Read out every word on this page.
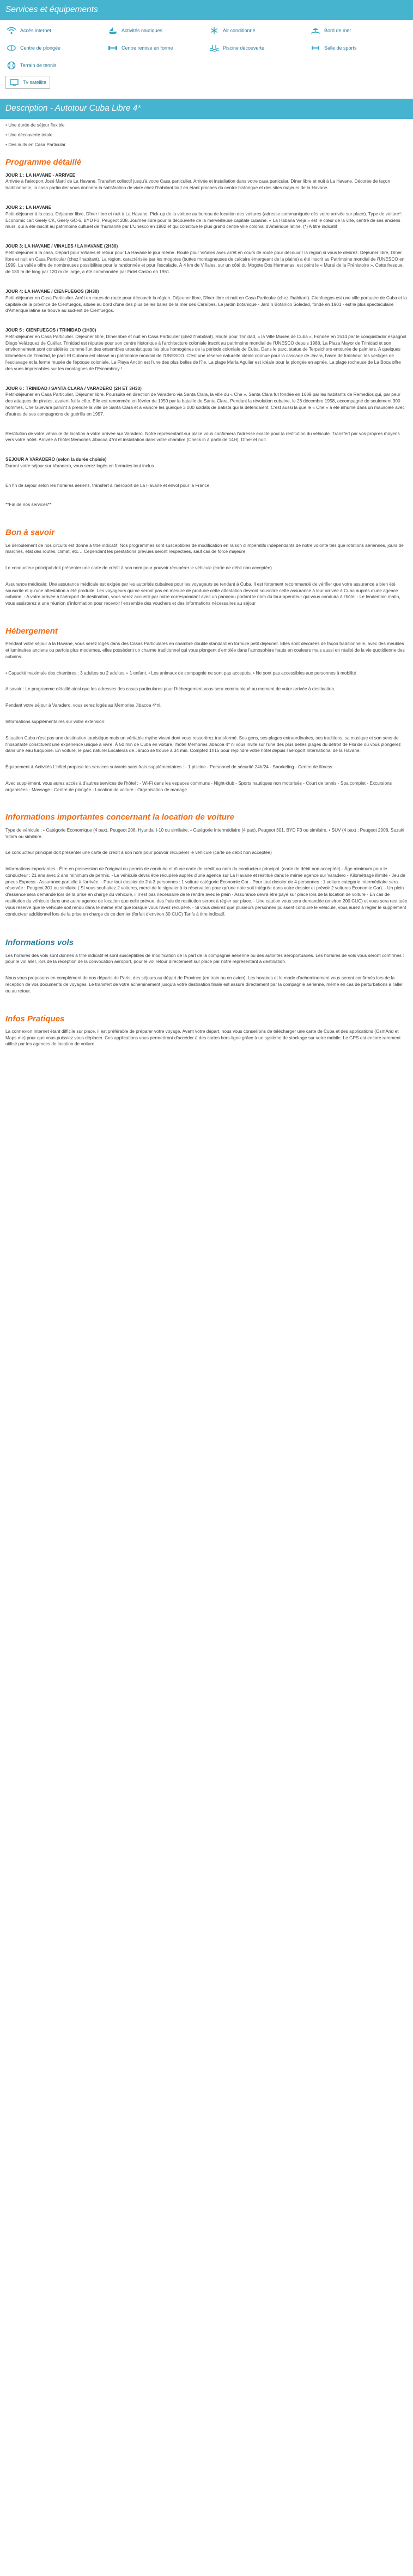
Services et équipements
Accès internet	Activités nautiques	Air conditionné	Bord de mer
Centre de plongée	Centre remise en forme	Piscine découverte	Salle de sports
Terrain de tennis
Tv satellite
Description - Autotour Cuba Libre 4*
• Une durée de séjour flexible
• Une découverte totale
• Des nuits en Casa Particular
Programme détaillé
JOUR 1 : LA HAVANE - ARRIVEE

Arrivée à l'aéroport José Martí de La Havane. Transfert collectif jusqu'à votre Casa particulier. Arrivée et installation dans votre casa particular. Dîner libre et nuit à La Havane. Décorée de façon traditionnelle, la casa particulier vous donnera la satisfaction de vivre chez l'habitant tout en étant proches du centre historique et des sites majeurs de la Havane.

JOUR 2 : LA HAVANE

Petit-déjeuner à la casa. Déjeuner libre, Dîner libre et nuit à La Havane. Pick-up de la voiture au bureau de location des voitures (adresse communiquée dès votre arrivée sur place). Type de voiture*: Economic car: Geely CK, Geely GC-6, BYD F3, Peugeot 208. Journée libre pour la découverte de la merveilleuse capitale cubaine. « La Habana Vieja » est le cœur de la ville, centré de ses anciens murs, qui a été inscrit au patrimoine culturel de l'humanité par L'Unesco en 1982 et qui constitue le plus grand centre ville colonial d'Amérique latine. (*) A titre indicatif

JOUR 3: LA HAVANE / VINALES / LA HAVANE (2H30)

Petit-déjeuner à la casa. Départ pour Viñales et retour pour La Havane le jour même. Route pour Viñales avec arrêt en cours de route pour découvrir la région si vous le désirez. Déjeuner libre, Dîner libre et nuit en Casa Particular (chez l'habitant). La région, caractérisée par les mogotes (buttes montagneuses de calcaire émergeant de la plaine) a été inscrit au Patrimoine mondial de l'UNESCO en 1999. La vallée offre de nombreuses possibilités pour la randonnée et pour l'escalade. À 4 km de Viñales, sur un côté du Mogote Dos Hermanas, est peint le « Mural de la Préhistoire ». Cette fresque, de 180 m de long par 120 m de large, a été commandée par Fidel Castro en 1961.

JOUR 4: LA HAVANE / CIENFUEGOS (3H30)

Petit-déjeuner en Casa Particulier. Arrêt en cours de route pour découvrir la région. Déjeuner libre, Dîner libre et nuit en Casa Particular (chez l'habitant). Cienfuegos est une ville portuaire de Cuba et la capitale de la province de Cienfuegos, située au bord d'une des plus belles baies de la mer des Caraïbes. Le jardin botanique - Jardín Botánico Soledad, fondé en 1901 - est le plus spectaculaire d'Amérique latine se trouve au sud-est de Cienfuegos.

JOUR 5 : CIENFUEGOS / TRINIDAD (1H30)

Petit-déjeuner en Casa Particulier. Déjeuner libre, Dîner libre et nuit en Casa Particulier (chez l'habitant). Route pour Trinidad, « la Ville Musée de Cuba », Fondée en 1514 par le conquistador espagnol Diego Velázquez de Cuéllar, Trinidad est réputée pour son centre historique à l'architecture coloniale inscrit au patrimoine mondial de l'UNESCO depuis 1988. La Plaza Mayor de Trinidad et son environnement sont considérés comme l'un des ensembles urbanistiques les plus homogènes de la période coloniale de Cuba. Dans le parc, statue de Terpsichore entourée de palmiers. A quelques kilomètres de Trinidad, le parc El Cubano est classé au patrimoine mondial de l'UNESCO. C'est une réserve naturelle idéale connue pour la cascade de Javira, havre de fraîcheur, les vestiges de l'esclavage et la ferme musée de l'époque coloniale. La Playa Ancón est l'une des plus belles de l'île. La plage María Aguilar est idéale pour la plongée en apnée. La plage rocheuse de La Boca offre des vues imprenables sur les montagnes de l'Escambray !

JOUR 6 : TRINIDAD / SANTA CLARA / VARADERO (2H ET 3H30)

Petit-déjeuner en Casa Particulier. Déjeuner libre. Poursuite en direction de Varadero via Santa Clara, la ville du « Che ». Santa Clara fut fondée en 1689 par les habitants de Remedios qui, par peur des attaques de pirates, avaient fui la côte. Elle est renommée en février de 1959 par la bataille de Santa Clara. Pendant la révolution cubaine, le 28 décembre 1958, accompagné de seulement 300 hommes, Che Guevara parvint à prendre la ville de Santa Clara et à vaincre les quelque 3 000 soldats de Batista qui la défendaient. C'est aussi là que le « Che » a été inhumé dans un mausolée avec d'autres de ses compagnons de guérilla en 1997.

Restitution de votre véhicule de location à votre arrivée sur Varadero. Notre représentant sur place vous confirmera l'adresse exacte pour la restitution du véhicule. Transfert par vos propres moyens vers votre hôtel. Arrivée à l'hôtel Memories Jibacoa 4*nl et installation dans votre chambre (Check in à partir de 14H). Dîner et nuit.

SEJOUR A VARADERO (selon la durée choisie)

Durant votre séjour sur Varadero, vous serez logés en formules tout inclus .

En fin de séjour selon les horaires aériens, transfert à l'aéroport de La Havane et envol pour la France.

**Fin de nos services**

Bon à savoir

Le déroulement de nos circuits est donné à titre indicatif. Nos programmes sont susceptibles de modification en raison d'impératifs indépendants de notre volonté tels que rotations aériennes, jours de marchés, état des routes, climat, etc… Cependant les prestations prévues seront respectées, sauf cas de force majeure.

Le conducteur principal doit présenter une carte de crédit à son nom pour pouvoir récupérer le véhicule (carte de débit non acceptée)

Assurance médicale: Une assurance médicale est exigée par les autorités cubaines pour les voyageurs se rendant à Cuba. Il est fortement recommandé de vérifier que votre assurance a bien été souscrite et qu'une attestation a été produite. Les voyageurs qui ne seront pas en mesure de produire cette attestation devront souscrire cette assurance à leur arrivée à Cuba auprès d'une agence cubaine. - A votre arrivée à l'aéroport de destination, vous serez accueilli par notre correspondant avec un panneau portant le nom du tour-opérateur qui vous conduira à l'hôtel - Le lendemain matin, vous assisterez à une réunion d'information pour recevoir l'ensemble des vouchers et des informations nécessaires au séjour

Hébergement

Pendant votre séjour à la Havane, vous serez logés dans des Casas Particulares en chambre double standard en formule petit déjeuner. Elles sont décorées de façon traditionnelle, avec des meubles et luminaires anciens ou parfois plus modernes, elles possèdent un charme traditionnel qui vous plongent d'emblée dans l'atmosphère hauts en couleurs mais aussi en réalité de la vie quotidienne des cubains.

• Capacité maximale des chambres : 3 adultes ou 2 adultes + 1 enfant. • Les animaux de compagnie ne sont pas acceptés. • Ne sont pas accessibles aux personnes à mobilité

A savoir : Le programme détaillé ainsi que les adresses des casas particulares pour l'hébergement vous sera communiqué au moment de votre arrivée à destination.

Pendant votre séjour à Varadero, vous serez logés au Memories Jibacoa 4*nl.

Informations supplémentaires sur votre extension:

Situation Cuba n'est pas une destination touristique mais un véritable mythe vivant dont vous ressortirez transformé. Ses gens, ses plages extraordinaires, ses traditions, sa musique et son sens de l'hospitalité constituent une expérience unique à vivre. À 50 min de Cuba en voiture, l'hôtel Memories Jibacoa 4* nl vous invite sur l'une des plus belles plages du détroit de Floride où vous plongerez dans une eau turquoise. En voiture, le parc naturel Escaleras de Jaruco se trouve à 34 min. Comptez 1h15 pour rejoindre votre hôtel depuis l'aéroport International de la Havane.

Équipement & Activités L'hôtel propose les services suivants sans frais supplémentaires : - 1 piscine - Personnel de sécurité 24h/24 - Snorkeling - Centre de fitness

Avec supplément, vous aurez accès à d'autres services de l'hôtel : - Wi-Fi dans les espaces communs - Night-club - Sports nautiques non motorisés - Court de tennis - Spa complet - Excursions organisées - Massage - Centre de plongée - Location de voiture - Organisation de mariage

Informations importantes concernant la location de voiture

Type de véhicule : • Catégorie Economique (4 pax), Peugeot 208, Hyundai I-10 ou similaire. • Catégorie Intermédiaire (4 pax), Peugeot 301, BYD F3 ou similaire. • SUV (4 pax) : Peugeot 2008, Suzuki Vitara ou similaire.

Le conducteur principal doit présenter une carte de crédit à son nom pour pouvoir récupérer le véhicule (carte de débit non acceptée)

Informations importantes - Être en possession de l'original du permis de conduire et d'une carte de crédit au nom du conducteur principal. (carte de débit non acceptée) - Âge minimum pour le conducteur : 21 ans avec 2 ans minimum de permis. - Le véhicule devra être récupéré auprès d'une agence sur La Havane et restitué dans le même agence sur Varadero - Kilométrage illimité - Jeu de pneus Express - Assurance partielle à l'arrivée. - Pour tout dossier de 2 à 3 personnes : 1 voiture catégorie Économie Car - Pour tout dossier de 4 personnes : 1 voiture catégorie Intermédiaire sera réservée : Peugeot 301 ou similaire ( Si vous souhaitez 2 voitures, merci de le signaler à la réservation pour qu'une note soit intégrée dans votre dossier et prévoir 2 voitures Économic Car). - Un plein d'essence sera demandé lors de la prise en charge du véhicule, il n'est pas nécessaire de le rendre avec le plein - Assurance devra être payé sur place lors de la location de voiture - En cas de restitution du véhicule dans une autre agence de location que celle prévue, des frais de restitution seront à régler sur place. - Une caution vous sera demandée (environ 200 CUC) et vous sera restituée vous réserve que le véhicule soit rendu dans le même état que lorsque vous l'avez récupéré. - Si vous désirez que plusieurs personnes puissent conduire le véhicule, vous aurez à régler le supplément conducteur additionnel lors de la prise en charge de ce dernier (forfait d'environ 30 CUC) Tarifs à titre indicatif.

Informations vols

Les horaires des vols sont donnés à titre indicatif et sont susceptibles de modification de la part de la compagnie aérienne ou des autorités aéroportuaires. Les horaires de vols vous seront confirmés : pour le vol aller, lors de la réception de la convocation aéroport, pour le vol retour directement sur place par notre représentant à destination.

Nous vous proposons en complément de nos départs de Paris, des séjours au départ de Province (en train ou en avion). Les horaires et le mode d'acheminement vous seront confirmés lors de la réception de vos documents de voyages. Le transfert de votre acheminement jusqu'à votre destination finale est assuré directement par la compagnie aérienne, même en cas de perturbations à l'aller ou au retour.

Infos Pratiques

La connexion Internet étant difficile sur place, il est préférable de préparer votre voyage. Avant votre départ, nous vous conseillons de télécharger une carte de Cuba et des applications (OsmAnd et Maps.me) pour que vous puissiez vous déplacer. Ces applications vous permettront d'accéder à des cartes hors-ligne grâce à un système de stockage sur votre mobile. Le GPS est encore rarement utilisé par les agences de location de voiture.
